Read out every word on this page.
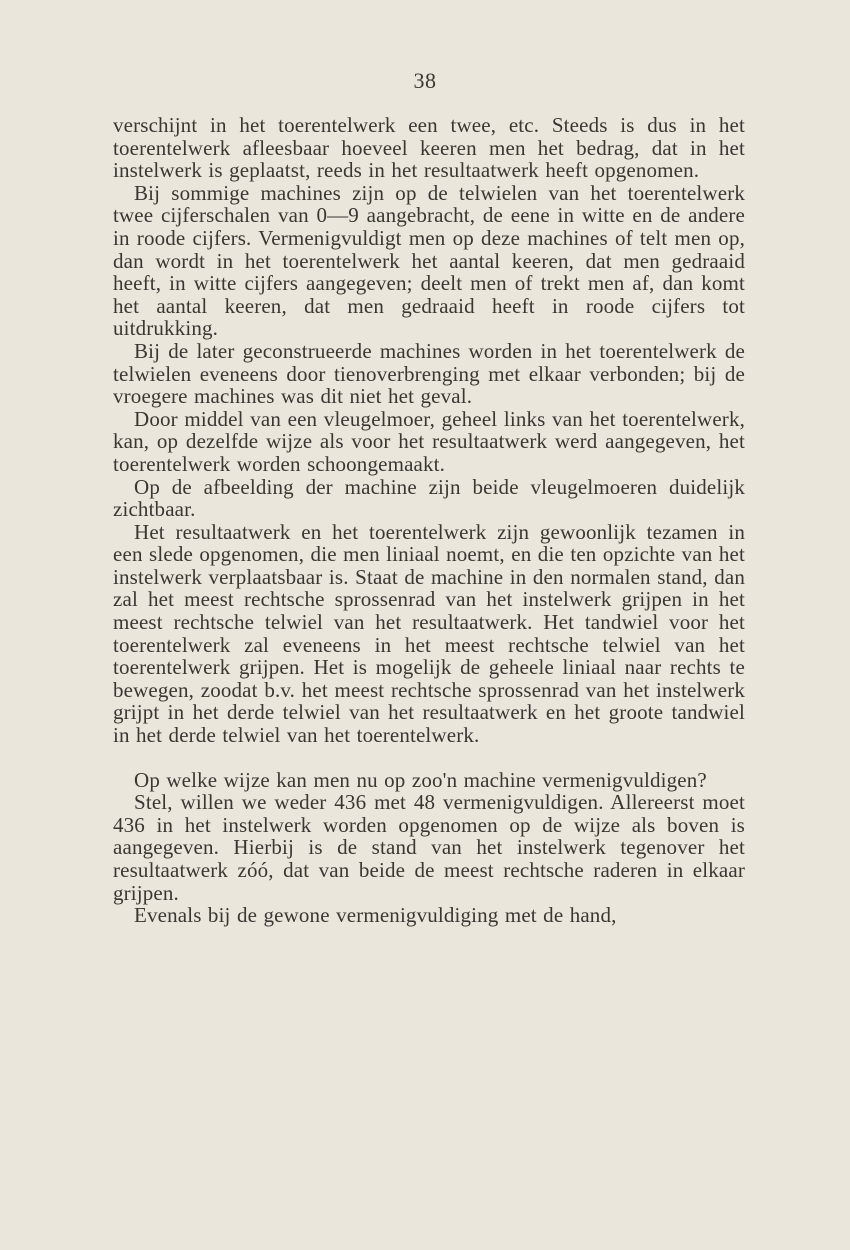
38

verschijnt in het toerentelwerk een twee, etc. Steeds is dus in het toerentelwerk afleesbaar hoeveel keeren men het bedrag, dat in het instelwerk is geplaatst, reeds in het resultaatwerk heeft opgenomen.

Bij sommige machines zijn op de telwielen van het toerentelwerk twee cijferschalen van 0—9 aangebracht, de eene in witte en de andere in roode cijfers. Vermenigvuldigt men op deze machines of telt men op, dan wordt in het toerentelwerk het aantal keeren, dat men gedraaid heeft, in witte cijfers aangegeven; deelt men of trekt men af, dan komt het aantal keeren, dat men gedraaid heeft in roode cijfers tot uitdrukking.

Bij de later geconstrueerde machines worden in het toerentelwerk de telwielen eveneens door tienoverbrenging met elkaar verbonden; bij de vroegere machines was dit niet het geval.

Door middel van een vleugelmoer, geheel links van het toerentelwerk, kan, op dezelfde wijze als voor het resultaatwerk werd aangegeven, het toerentelwerk worden schoongemaakt.

Op de afbeelding der machine zijn beide vleugelmoeren duidelijk zichtbaar.

Het resultaatwerk en het toerentelwerk zijn gewoonlijk tezamen in een slede opgenomen, die men liniaal noemt, en die ten opzichte van het instelwerk verplaatsbaar is. Staat de machine in den normalen stand, dan zal het meest rechtsche sprossenrad van het instelwerk grijpen in het meest rechtsche telwiel van het resultaatwerk. Het tandwiel voor het toerentelwerk zal eveneens in het meest rechtsche telwiel van het toerentelwerk grijpen. Het is mogelijk de geheele liniaal naar rechts te bewegen, zoodat b.v. het meest rechtsche sprossenrad van het instelwerk grijpt in het derde telwiel van het resultaatwerk en het groote tandwiel in het derde telwiel van het toerentelwerk.

Op welke wijze kan men nu op zoo'n machine vermenigvuldigen?

Stel, willen we weder 436 met 48 vermenigvuldigen. Allereerst moet 436 in het instelwerk worden opgenomen op de wijze als boven is aangegeven. Hierbij is de stand van het instelwerk tegenover het resultaatwerk zóó, dat van beide de meest rechtsche raderen in elkaar grijpen.

Evenals bij de gewone vermenigvuldiging met de hand,
